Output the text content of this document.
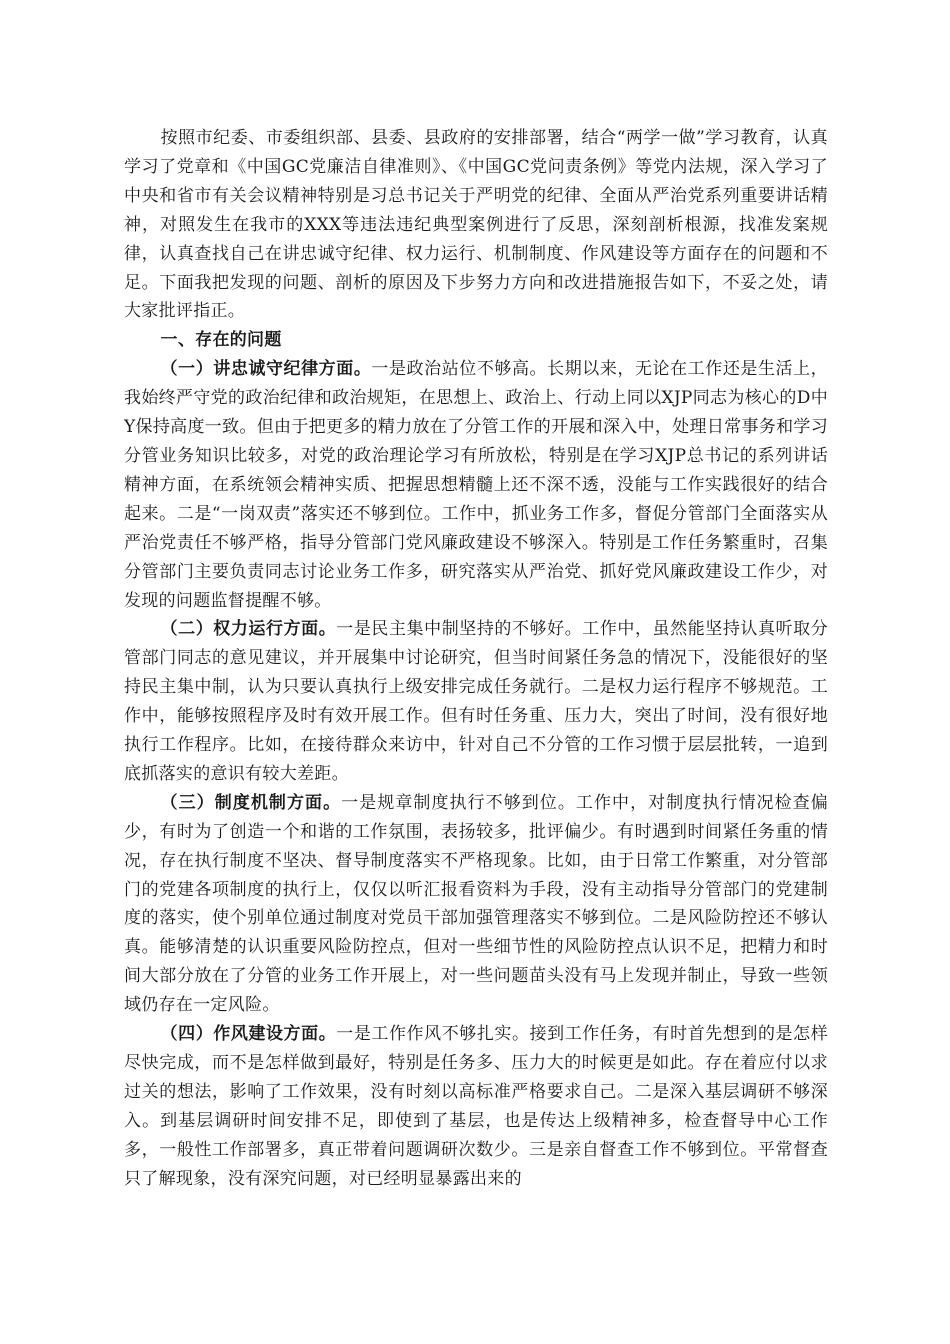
按照市纪委、市委组织部、县委、县政府的安排部署，结合“两学一做”学习教育，认真学习了党章和《中国GC党廉洁自律准则》、《中国GC党问责条例》等党内法规，深入学习了中央和省市有关会议精神特别是习总书记关于严明党的纪律、全面从严治党系列重要讲话精神，对照发生在我市的XXX等违法违纪典型案例进行了反思，深刻剖析根源，找准发案规律，认真查找自己在讲忠诚守纪律、权力运行、机制制度、作风建设等方面存在的问题和不足。下面我把发现的问题、剖析的原因及下步努力方向和改进措施报告如下，不妥之处，请大家批评指正。

一、存在的问题

（一）讲忠诚守纪律方面。一是政治站位不够高。长期以来，无论在工作还是生活上，我始终严守党的政治纪律和政治规矩，在思想上、政治上、行动上同以XJP同志为核心的D中Y保持高度一致。但由于把更多的精力放在了分管工作的开展和深入中，处理日常事务和学习分管业务知识比较多，对党的政治理论学习有所放松，特别是在学习XJP总书记的系列讲话精神方面，在系统领会精神实质、把握思想精髓上还不深不透，没能与工作实践很好的结合起来。二是“一岗双责”落实还不够到位。工作中，抓业务工作多，督促分管部门全面落实从严治党责任不够严格，指导分管部门党风廉政建设不够深入。特别是工作任务繁重时，召集分管部门主要负责同志讨论业务工作多，研究落实从严治党、抓好党风廉政建设工作少，对发现的问题监督提醒不够。

（二）权力运行方面。一是民主集中制坚持的不够好。工作中，虽然能坚持认真听取分管部门同志的意见建议，并开展集中讨论研究，但当时间紧任务急的情况下，没能很好的坚持民主集中制，认为只要认真执行上级安排完成任务就行。二是权力运行程序不够规范。工作中，能够按照程序及时有效开展工作。但有时任务重、压力大，突出了时间，没有很好地执行工作程序。比如，在接待群众来访中，针对自己不分管的工作习惯于层层批转，一追到底抓落实的意识有较大差距。

（三）制度机制方面。一是规章制度执行不够到位。工作中，对制度执行情况检查偏少，有时为了创造一个和谐的工作氛围，表扬较多，批评偏少。有时遇到时间紧任务重的情况，存在执行制度不坚决、督导制度落实不严格现象。比如，由于日常工作繁重，对分管部门的党建各项制度的执行上，仅仅以听汇报看资料为手段，没有主动指导分管部门的党建制度的落实，使个别单位通过制度对党员干部加强管理落实不够到位。二是风险防控还不够认真。能够清楚的认识重要风险防控点，但对一些细节性的风险防控点认识不足，把精力和时间大部分放在了分管的业务工作开展上，对一些问题苗头没有马上发现并制止，导致一些领域仍存在一定风险。

（四）作风建设方面。一是工作作风不够扎实。接到工作任务，有时首先想到的是怎样尽快完成，而不是怎样做到最好，特别是任务多、压力大的时候更是如此。存在着应付以求过关的想法，影响了工作效果，没有时刻以高标准严格要求自己。二是深入基层调研不够深入。到基层调研时间安排不足，即使到了基层，也是传达上级精神多，检查督导中心工作多，一般性工作部署多，真正带着问题调研次数少。三是亲自督查工作不够到位。平常督查只了解现象，没有深究问题，对已经明显暴露出来的
